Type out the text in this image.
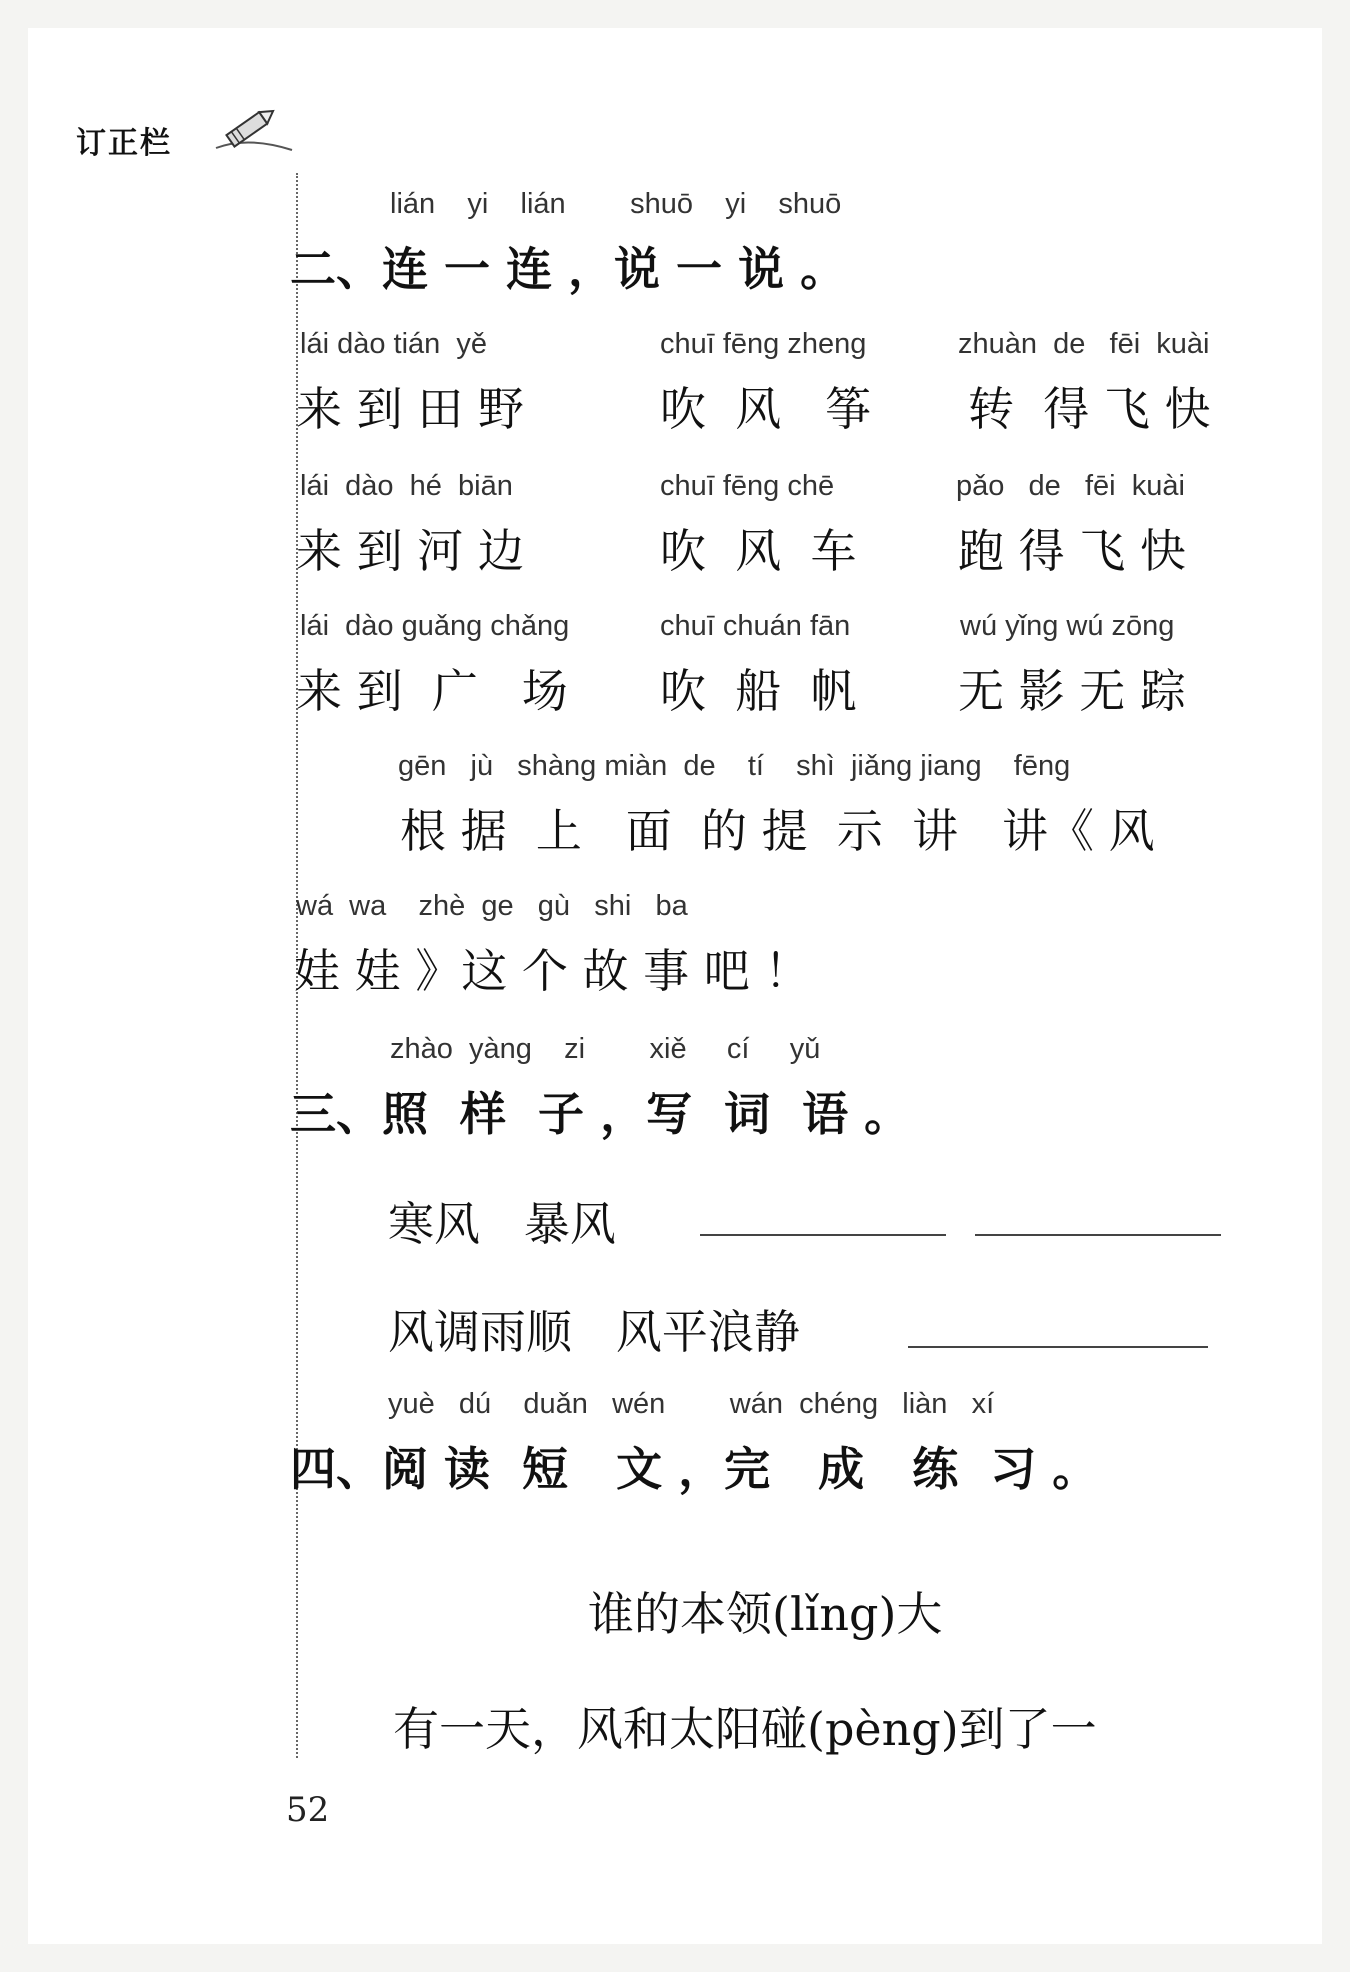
订正栏
lián    yi    lián        shuō    yi    shuō
二、连 一 连 ，说 一 说 。
lái dào tián  yě
来 到 田 野
chuī fēng zheng
吹  风   筝
zhuàn  de   fēi  kuài
转  得 飞 快
lái  dào  hé  biān
来 到 河 边
chuī fēng chē
吹  风  车
pǎo   de   fēi  kuài
跑 得 飞 快
lái  dào guǎng chǎng
来 到  广   场
chuī chuán fān
吹  船  帆
wú yǐng wú zōng
无 影 无 踪
gēn   jù   shàng miàn  de    tí    shì  jiǎng jiang    fēng
根 据  上   面  的 提  示  讲   讲《 风
wá  wa    zhè  ge   gù   shi   ba
娃 娃 》这 个 故 事 吧 ！
zhào  yàng    zi        xiě     cí     yǔ
三、照  样  子 ，写  词  语 。
寒风   暴风
风调雨顺   风平浪静
yuè   dú    duǎn   wén        wán  chéng   liàn   xí
四、阅 读  短   文 ，完   成   练  习 。
谁的本领(lǐng)大
有一天，风和太阳碰(pèng)到了一
52
